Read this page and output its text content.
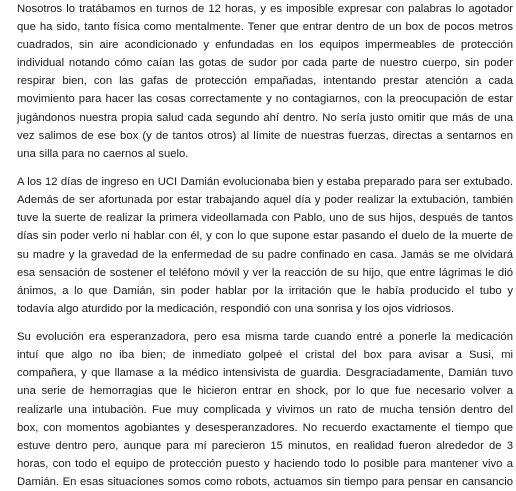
Nosotros lo tratábamos en turnos de 12 horas, y es imposible expresar con palabras lo agotador
que ha sido, tanto física como mentalmente. Tener que entrar dentro de un box de pocos metros
cuadrados, sin aire acondicionado y enfundadas en los equipos impermeables de protección
individual notando cómo caían las gotas de sudor por cada parte de nuestro cuerpo, sin poder
respirar bien, con las gafas de protección empañadas, intentando prestar atención a cada
movimiento para hacer las cosas correctamente y no contagiarnos, con la preocupación de estar
jugándonos nuestra propia salud cada segundo ahí dentro. No sería justo omitir que más de una
vez salimos de ese box (y de tantos otros) al límite de nuestras fuerzas, directas a sentarnos en
una silla para no caernos al suelo.
A los 12 días de ingreso en UCI Damián evolucionaba bien y estaba preparado para ser extubado.
Además de ser afortunada por estar trabajando aquel día y poder realizar la extubación, también
tuve la suerte de realizar la primera videollamada con Pablo, uno de sus hijos, después de tantos
días sin poder verlo ni hablar con él, y con lo que supone estar pasando el duelo de la muerte de
su madre y la gravedad de la enfermedad de su padre confinado en casa. Jamás se me olvidará
esa sensación de sostener el teléfono móvil y ver la reacción de su hijo, que entre lágrimas le dió
ánimos, a lo que Damián, sin poder hablar por la irritación que le había producido el tubo y
todavía algo aturdido por la medicación, respondió con una sonrisa y los ojos vidriosos.
Su evolución era esperanzadora, pero esa misma tarde cuando entré a ponerle la medicación
intuí que algo no iba bien; de inmediato golpeé el cristal del box para avisar a Susi, mi
compañera, y que llamase a la médico intensivista de guardia. Desgraciadamente, Damián tuvo
una serie de hemorragias que le hicieron entrar en shock, por lo que fue necesario volver a
realizarle una intubación. Fue muy complicada y vivimos un rato de mucha tensión dentro del
box, con momentos agobiantes y desesperanzadores. No recuerdo exactamente el tiempo que
estuve dentro pero, aunque para mí parecieron 15 minutos, en realidad fueron alrededor de 3
horas, con todo el equipo de protección puesto y haciendo todo lo posible para mantener vivo a
Damián. En esas situaciones somos como robots, actuamos sin tiempo para pensar en cansancio
